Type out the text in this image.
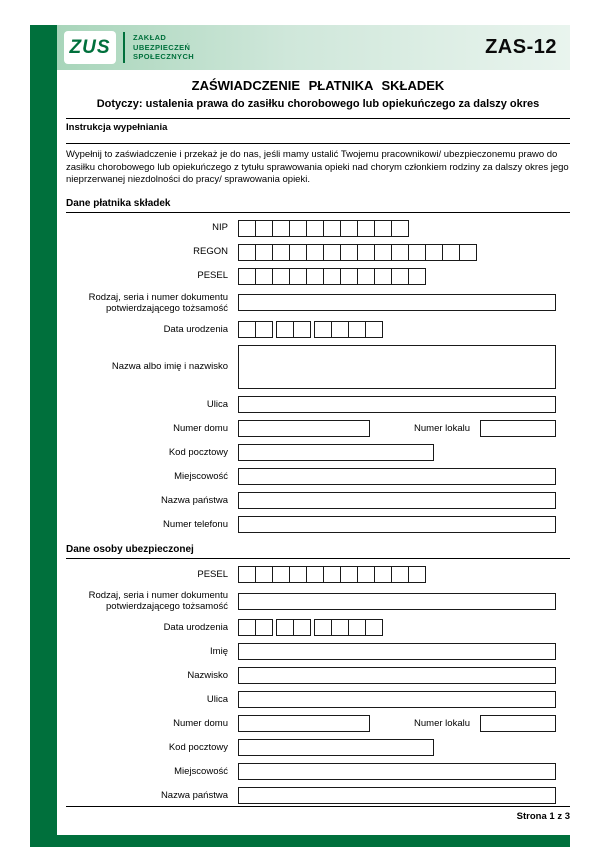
ZUS	ZAKŁAD
UBEZPIECZEŃ
SPOŁECZNYCH	ZAS-12
ZAŚWIADCZENIE PŁATNIKA SKŁADEK
Dotyczy: ustalenia prawa do zasiłku chorobowego lub opiekuńczego za dalszy okres
Instrukcja wypełniania

Wypełnij to zaświadczenie i przekaż je do nas, jeśli mamy ustalić Twojemu pracownikowi/ ubezpieczonemu prawo do zasiłku chorobowego lub opiekuńczego z tytułu sprawowania opieki nad chorym członkiem rodziny za dalszy okres jego nieprzerwanej niezdolności do pracy/ sprawowania opieki.

Dane płatnika składek
NIP
REGON
PESEL
Rodzaj, seria i numer dokumentu potwierdzającego tożsamość
Data urodzenia
Nazwa albo imię i nazwisko
Ulica
Numer domu	Numer lokalu
Kod pocztowy
Miejscowość
Nazwa państwa
Numer telefonu
Dane osoby ubezpieczonej
PESEL
Rodzaj, seria i numer dokumentu potwierdzającego tożsamość
Data urodzenia
Imię
Nazwisko
Ulica
Numer domu	Numer lokalu
Kod pocztowy
Miejscowość
Nazwa państwa
Strona 1 z 3
